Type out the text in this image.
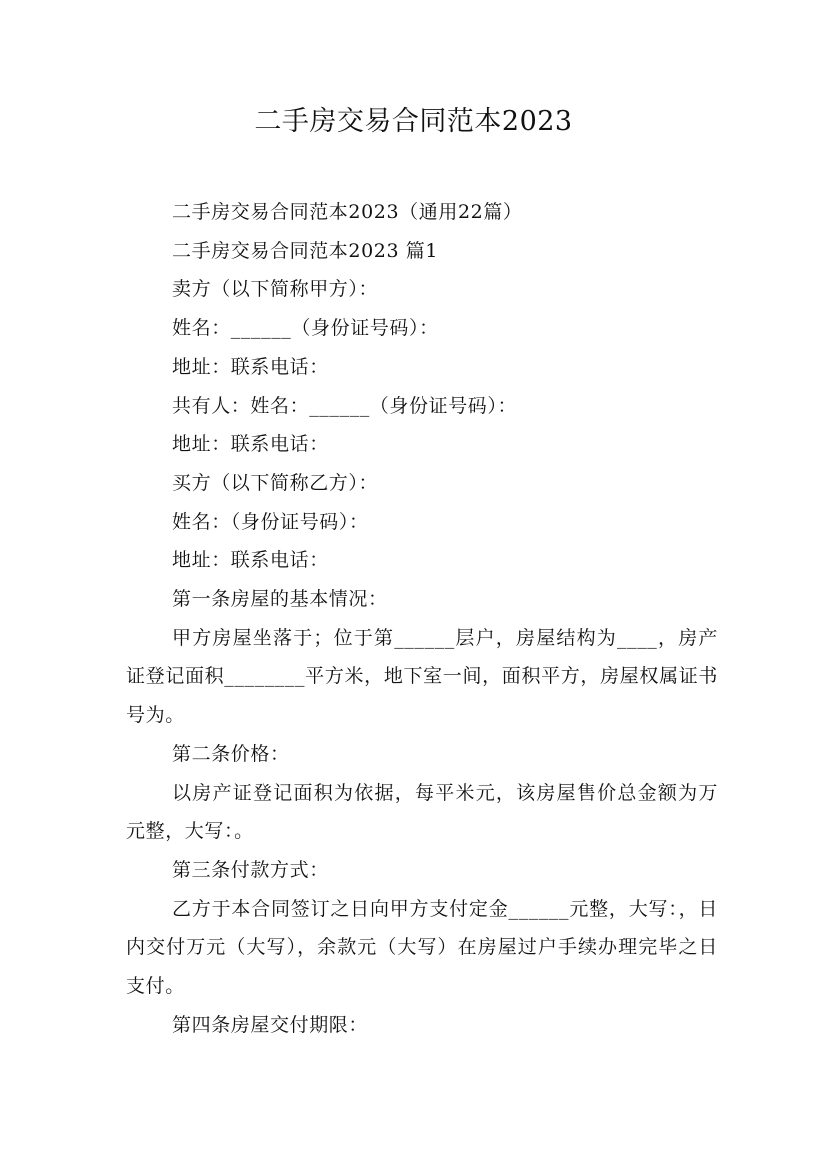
二手房交易合同范本2023

二手房交易合同范本2023（通用22篇）

二手房交易合同范本2023 篇1

卖方（以下简称甲方）：

姓名：______（身份证号码）：

地址：联系电话：

共有人：姓名：______（身份证号码）：

地址：联系电话：

买方（以下简称乙方）：

姓名：（身份证号码）：

地址：联系电话：

第一条房屋的基本情况：

甲方房屋坐落于；位于第______层户，房屋结构为____，房产证登记面积________平方米，地下室一间，面积平方，房屋权属证书号为。

第二条价格：

以房产证登记面积为依据，每平米元，该房屋售价总金额为万元整，大写：。

第三条付款方式：

乙方于本合同签订之日向甲方支付定金______元整，大写：，日内交付万元（大写），余款元（大写）在房屋过户手续办理完毕之日支付。

第四条房屋交付期限：
